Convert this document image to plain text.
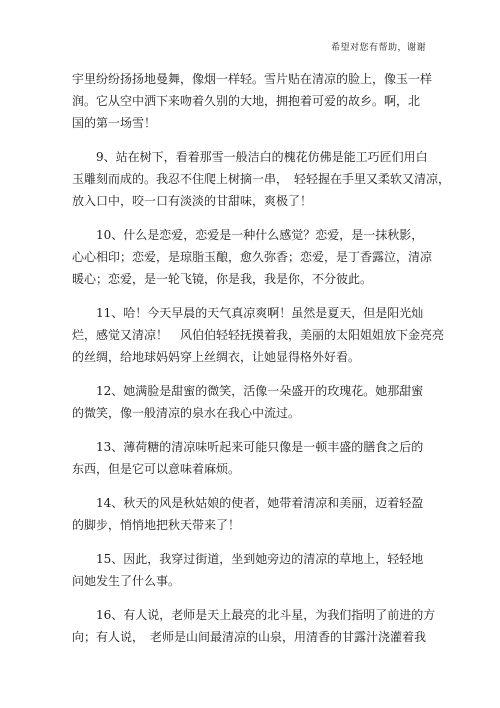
希望对您有帮助，谢谢

宇里纷纷扬扬地曼舞，像烟一样轻。雪片贴在清凉的脸上，像玉一样
润。它从空中洒下来吻着久别的大地，拥抱着可爱的故乡。啊，北
国的第一场雪！

9、站在树下，看着那雪一般洁白的槐花仿佛是能工巧匠们用白
玉雕刻而成的。我忍不住爬上树摘一串，　轻轻握在手里又柔软又清凉，
放入口中，咬一口有淡淡的甘甜味，爽极了！

10、什么是恋爱，恋爱是一种什么感觉？恋爱，是一抹秋影，
心心相印；恋爱，是琼脂玉酿，愈久弥香；恋爱，是丁香露泣，清凉
暖心；恋爱，是一轮飞镜，你是我，我是你，不分彼此。

11、哈！今天早晨的天气真凉爽啊！虽然是夏天，但是阳光灿
烂，感觉又清凉！　风伯伯轻轻抚摸着我，美丽的太阳姐姐放下金亮亮
的丝绸，给地球妈妈穿上丝绸衣，让她显得格外好看。

12、她满脸是甜蜜的微笑，活像一朵盛开的玫瑰花。她那甜蜜
的微笑，像一般清凉的泉水在我心中流过。

13、薄荷糖的清凉味听起来可能只像是一顿丰盛的膳食之后的
东西，但是它可以意味着麻烦。

14、秋天的风是秋姑娘的使者，她带着清凉和美丽，迈着轻盈
的脚步，悄悄地把秋天带来了！

15、因此，我穿过街道，坐到她旁边的清凉的草地上，轻轻地
问她发生了什么事。

16、有人说，老师是天上最亮的北斗星，为我们指明了前进的方
向；有人说，　老师是山间最清凉的山泉，用清香的甘露汁浇灌着我
